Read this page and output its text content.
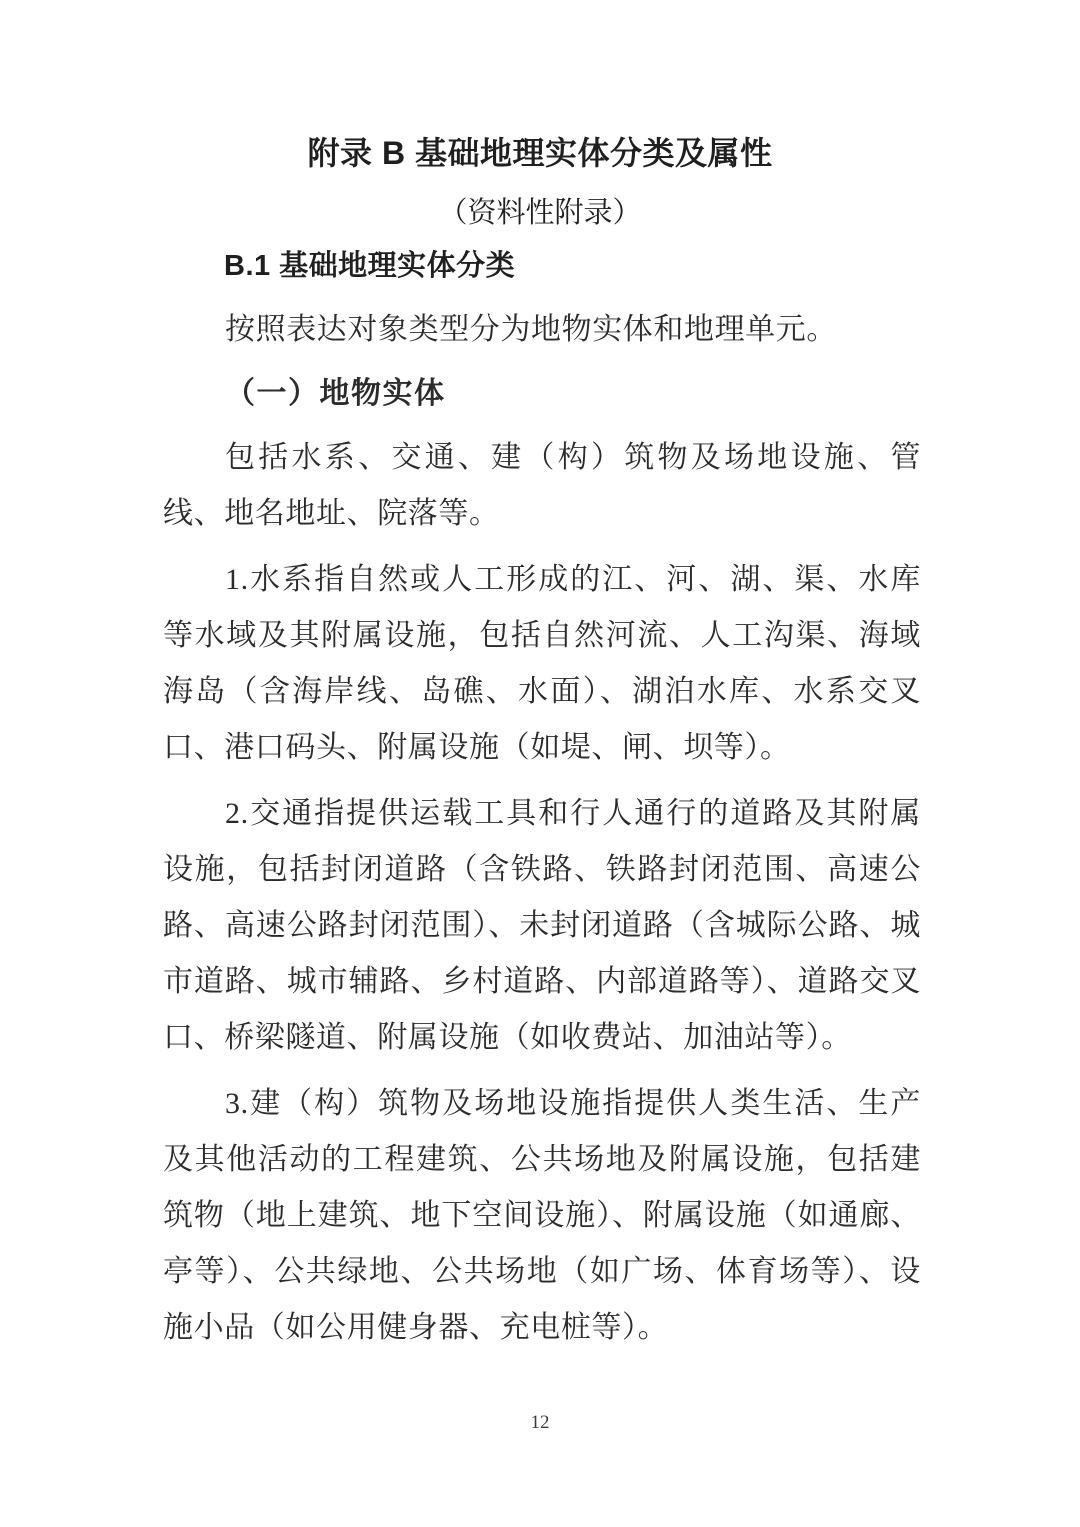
附录 B 基础地理实体分类及属性
（资料性附录）
B.1 基础地理实体分类

按照表达对象类型分为地物实体和地理单元。

（一）地物实体

包括水系、交通、建（构）筑物及场地设施、管线、地名地址、院落等。

1.水系指自然或人工形成的江、河、湖、渠、水库等水域及其附属设施，包括自然河流、人工沟渠、海域海岛（含海岸线、岛礁、水面）、湖泊水库、水系交叉口、港口码头、附属设施（如堤、闸、坝等）。

2.交通指提供运载工具和行人通行的道路及其附属设施，包括封闭道路（含铁路、铁路封闭范围、高速公路、高速公路封闭范围）、未封闭道路（含城际公路、城市道路、城市辅路、乡村道路、内部道路等）、道路交叉口、桥梁隧道、附属设施（如收费站、加油站等）。

3.建（构）筑物及场地设施指提供人类生活、生产及其他活动的工程建筑、公共场地及附属设施，包括建筑物（地上建筑、地下空间设施）、附属设施（如通廊、亭等）、公共绿地、公共场地（如广场、体育场等）、设施小品（如公用健身器、充电桩等）。

12
